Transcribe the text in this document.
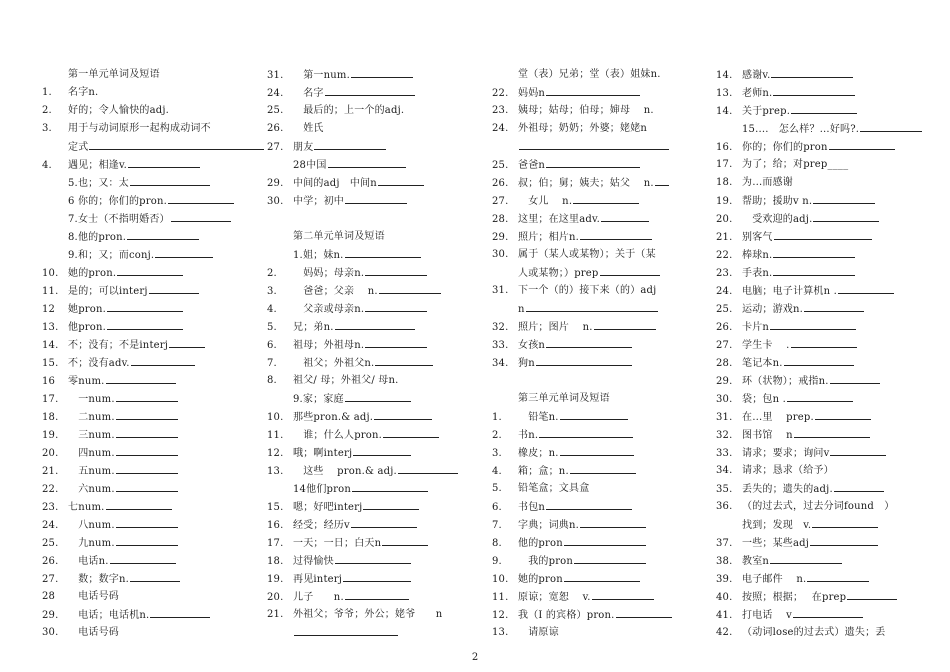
第一单元单词及短语
1. 名字n.
2. 好的；令人愉快的adj.
3. 用于与动词原形一起构成动词不
定式
4. 遇见；相逢v.
5.也；又：太
6 你的；你们的pron.
7.女士（不指明婚否）
8.他的pron.
9.和；又；而conj.
10. 她的pron.
11. 是的；可以interj
12 她pron.
13. 他pron.
14. 不；没有；不是interj
15. 不；没有adv.
16 零num.
17.　一num.
18.　二num.
19.　三num.
20.　四num.
21.　五num.
22.　六num.
23. 七num.
24.　八num.
25.　九num.
26.　电话n.
27.　数；数字n.
28　电话号码
29.　电话；电话机n.
30.　电话号码
31.　第一num.
24.　名字
25.　最后的；上一个的adj.
26.　姓氏
27. 朋友
28中国
29. 中间的adj　中间n
30. 中学；初中
第二单元单词及短语
1.姐；妹n.
2.　妈妈；母亲n.
3.　爸爸；父亲　 n.
4.　父亲或母亲n.
5. 兄；弟n.
6. 祖母；外祖母n.
7.　祖父；外祖父n.
8. 祖父/ 母；外祖父/ 母n.
9.家；家庭
10. 那些pron.& adj.
11.　谁；什么人pron.
12. 哦；啊interj
13.　这些　 pron.& adj.
14他们pron
15. 嗯；好吧interj
16. 经受；经历v
17. 一天；一日；白天n
18. 过得愉快
19. 再见interj
20. 儿子　　n.
21. 外祖父；爷爷；外公；姥爷　　n
堂（表）兄弟；堂（表）姐妹n.
22. 妈妈n
23. 姨母；姑母；伯母；婶母　 n.
24. 外祖母；奶奶；外婆；姥姥n
25. 爸爸n
26. 叔；伯；舅；姨夫；姑父　 n.
27.　女儿　 n.
28. 这里；在这里adv.
29. 照片；相片n.
30. 属于（某人或某物）；关于（某
人或某物；）prep
31. 下一个（的）接下来（的）adj
n
32. 照片；图片　 n.
33. 女孩n
34. 狗n
第三单元单词及短语
1.　铅笔n.
2. 书n.
3. 橡皮；n.
4. 箱；盒；n.
5. 铅笔盒；文具盒
6. 书包n
7. 字典；词典n.
8. 他的pron
9.　我的pron
10. 她的pron
11. 原谅；宽恕　 v.
12. 我（I 的宾格）pron.
13.　请原谅
14. 感谢v.
13. 老师n.
14. 关于prep.
15....　怎么样？…好吗?.
16. 你的；你们的pron
17. 为了；给；对prep____
18. 为…而感谢
19. 帮助；援助v n.
20.　受欢迎的adj.
21. 别客气
22. 棒球n.
23. 手表n.
24. 电脑；电子计算机n .
25. 运动；游戏n.
26. 卡片n
27. 学生卡　 .
28. 笔记本n.
29. 环（状物）；戒指n.
30. 袋；包n .
31. 在…里　 prep.
32. 图书馆　 n
33. 请求；要求；询问v
34. 请求；恳求（给予）
35. 丢失的；遗失的adj.
36. （的过去式，过去分词found　）
找到；发现　v.
37. 一些；某些adj
38. 教室n
39. 电子邮件　 n.
40. 按照；根据；　 在prep
41. 打电话　 v
42. （动词lose的过去式）遗失；丢
2
